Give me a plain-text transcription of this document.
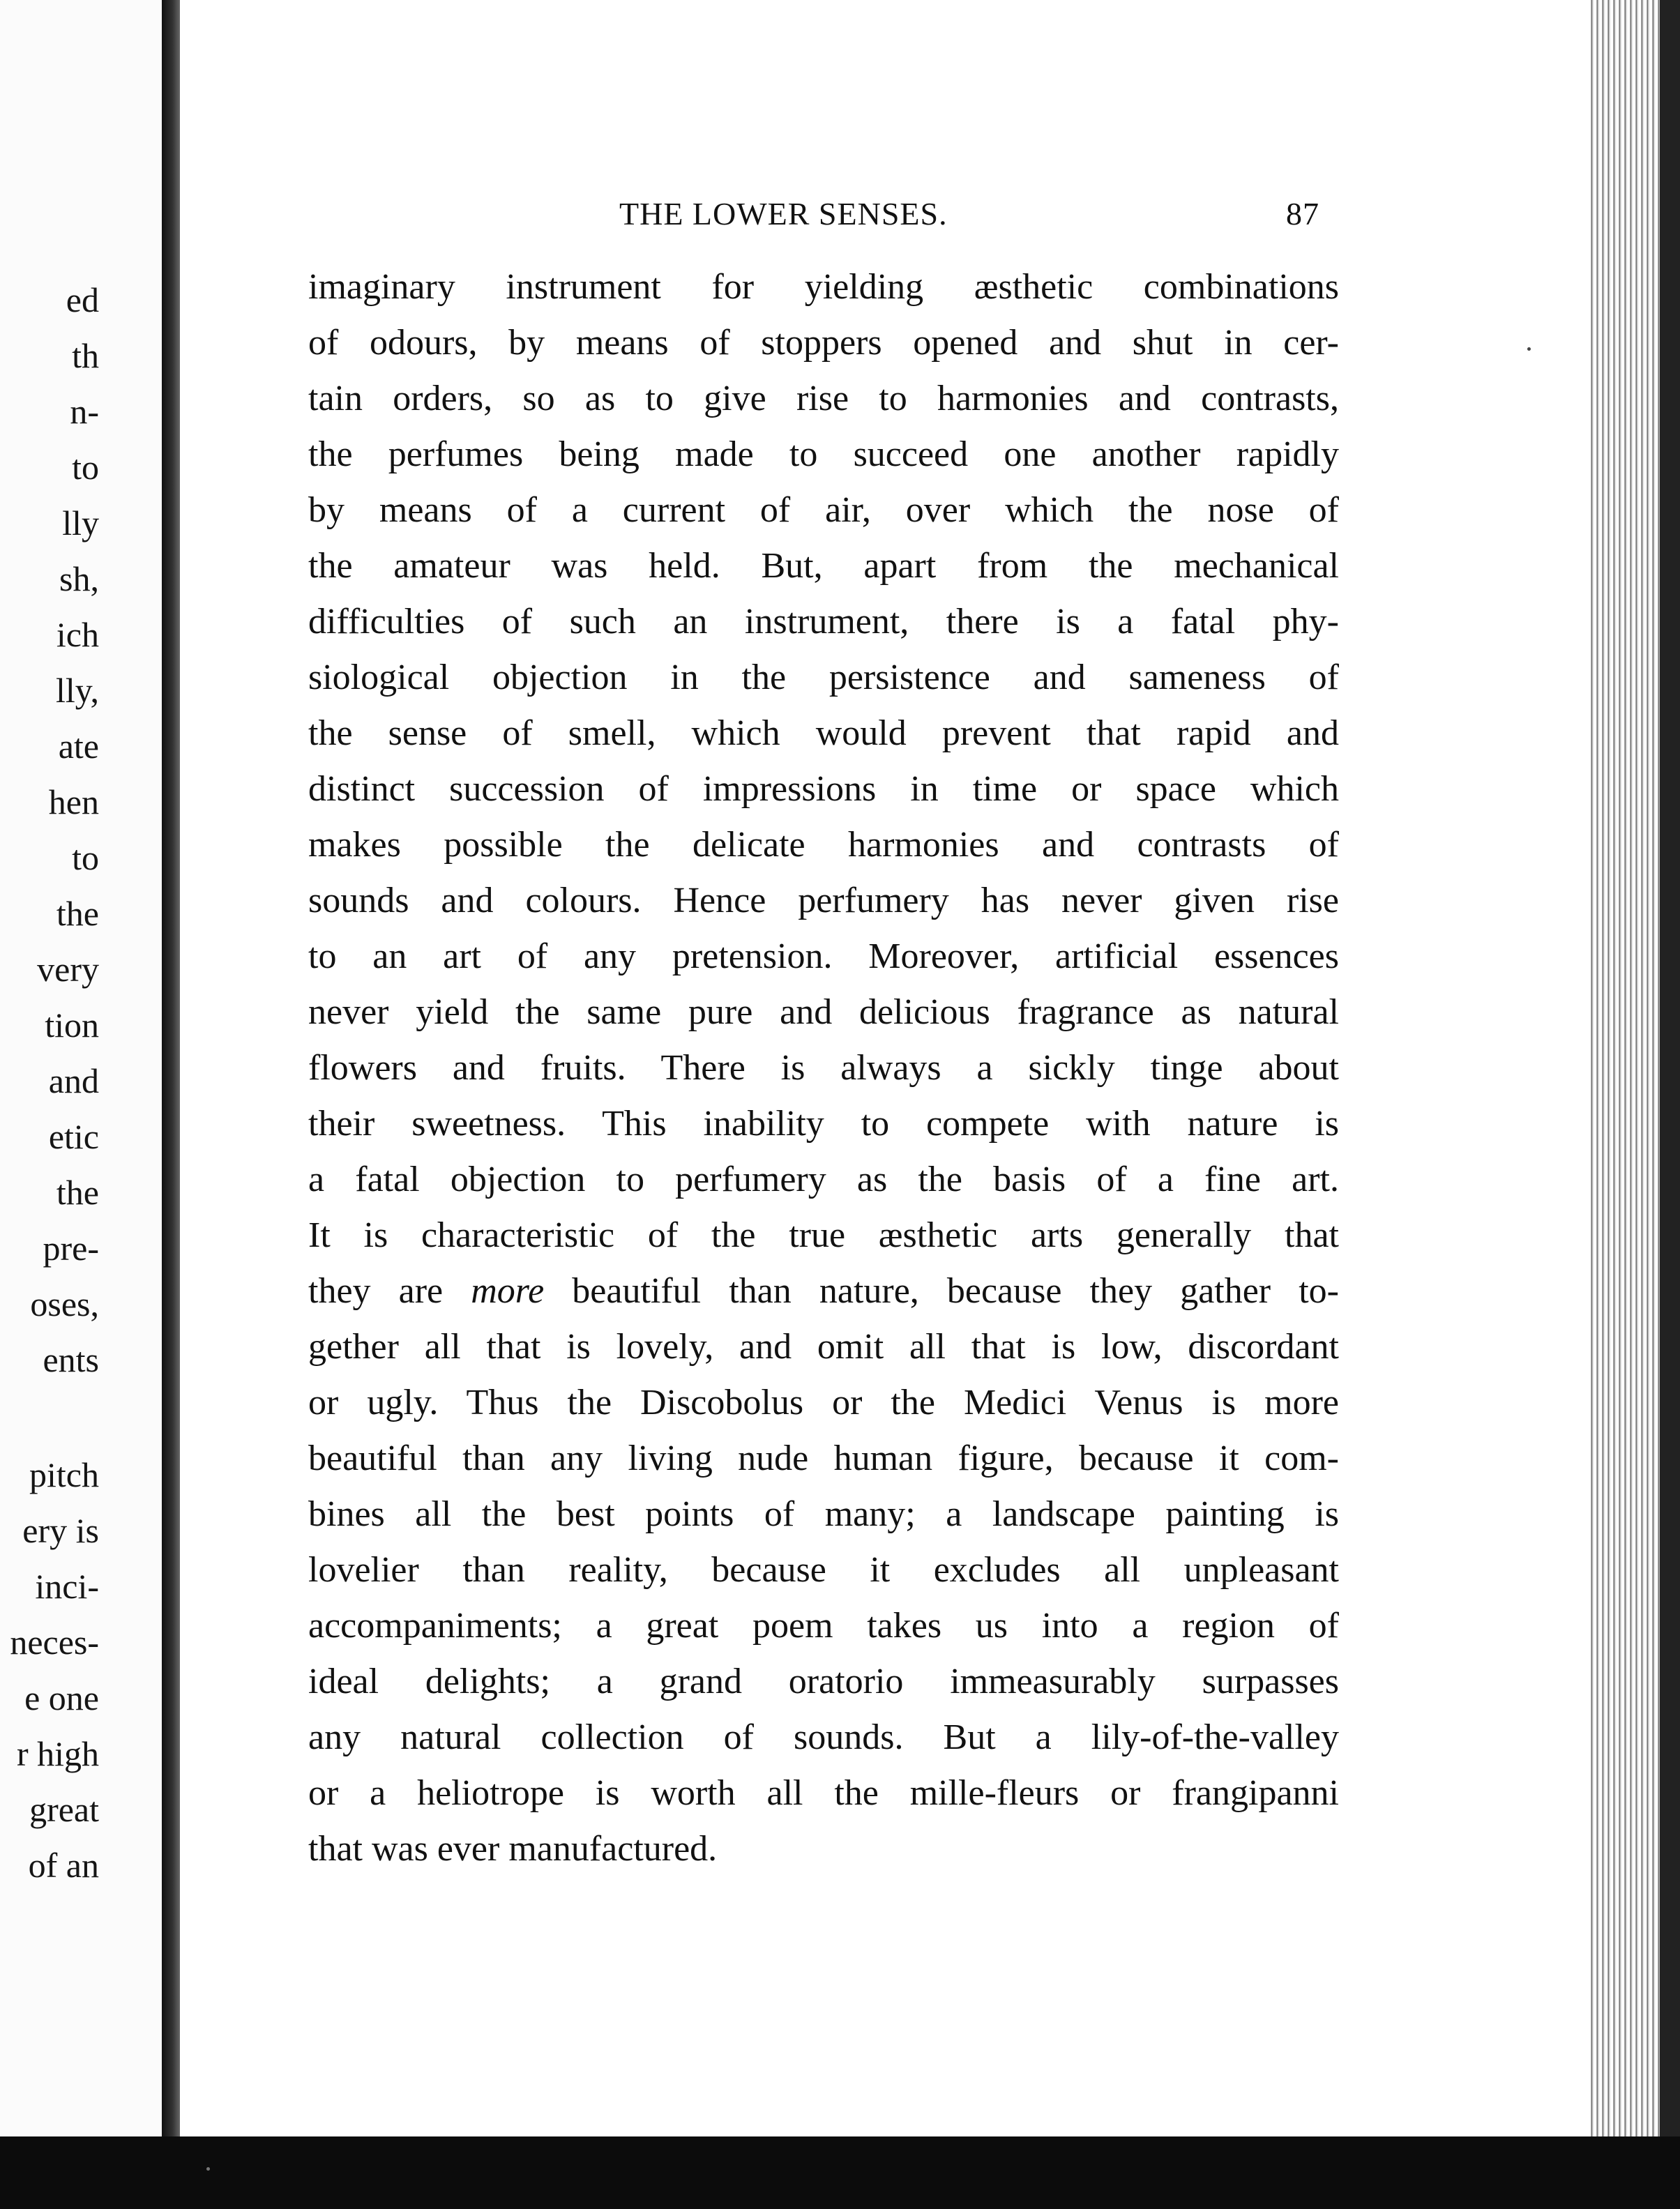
ed
th
n-
to
lly
sh,
ich
lly,
ate
hen
to
the
very
tion
and
etic
the
pre-
oses,
ents
pitch
ery is
inci-
neces-
e one
r high
great
of an
THE LOWER SENSES.	87
imaginary instrument for yielding æsthetic combinations
of odours, by means of stoppers opened and shut in cer-
tain orders, so as to give rise to harmonies and contrasts,
the perfumes being made to succeed one another rapidly
by means of a current of air, over which the nose of
the amateur was held. But, apart from the mechanical
difficulties of such an instrument, there is a fatal phy-
siological objection in the persistence and sameness of
the sense of smell, which would prevent that rapid and
distinct succession of impressions in time or space which
makes possible the delicate harmonies and contrasts of
sounds and colours. Hence perfumery has never given rise
to an art of any pretension. Moreover, artificial essences
never yield the same pure and delicious fragrance as natural
flowers and fruits. There is always a sickly tinge about
their sweetness. This inability to compete with nature is
a fatal objection to perfumery as the basis of a fine art.
It is characteristic of the true æsthetic arts generally that
they are more beautiful than nature, because they gather to-
gether all that is lovely, and omit all that is low, discordant
or ugly. Thus the Discobolus or the Medici Venus is more
beautiful than any living nude human figure, because it com-
bines all the best points of many; a landscape painting is
lovelier than reality, because it excludes all unpleasant
accompaniments; a great poem takes us into a region of
ideal delights; a grand oratorio immeasurably surpasses
any natural collection of sounds. But a lily-of-the-valley
or a heliotrope is worth all the mille-fleurs or frangipanni
that was ever manufactured.
